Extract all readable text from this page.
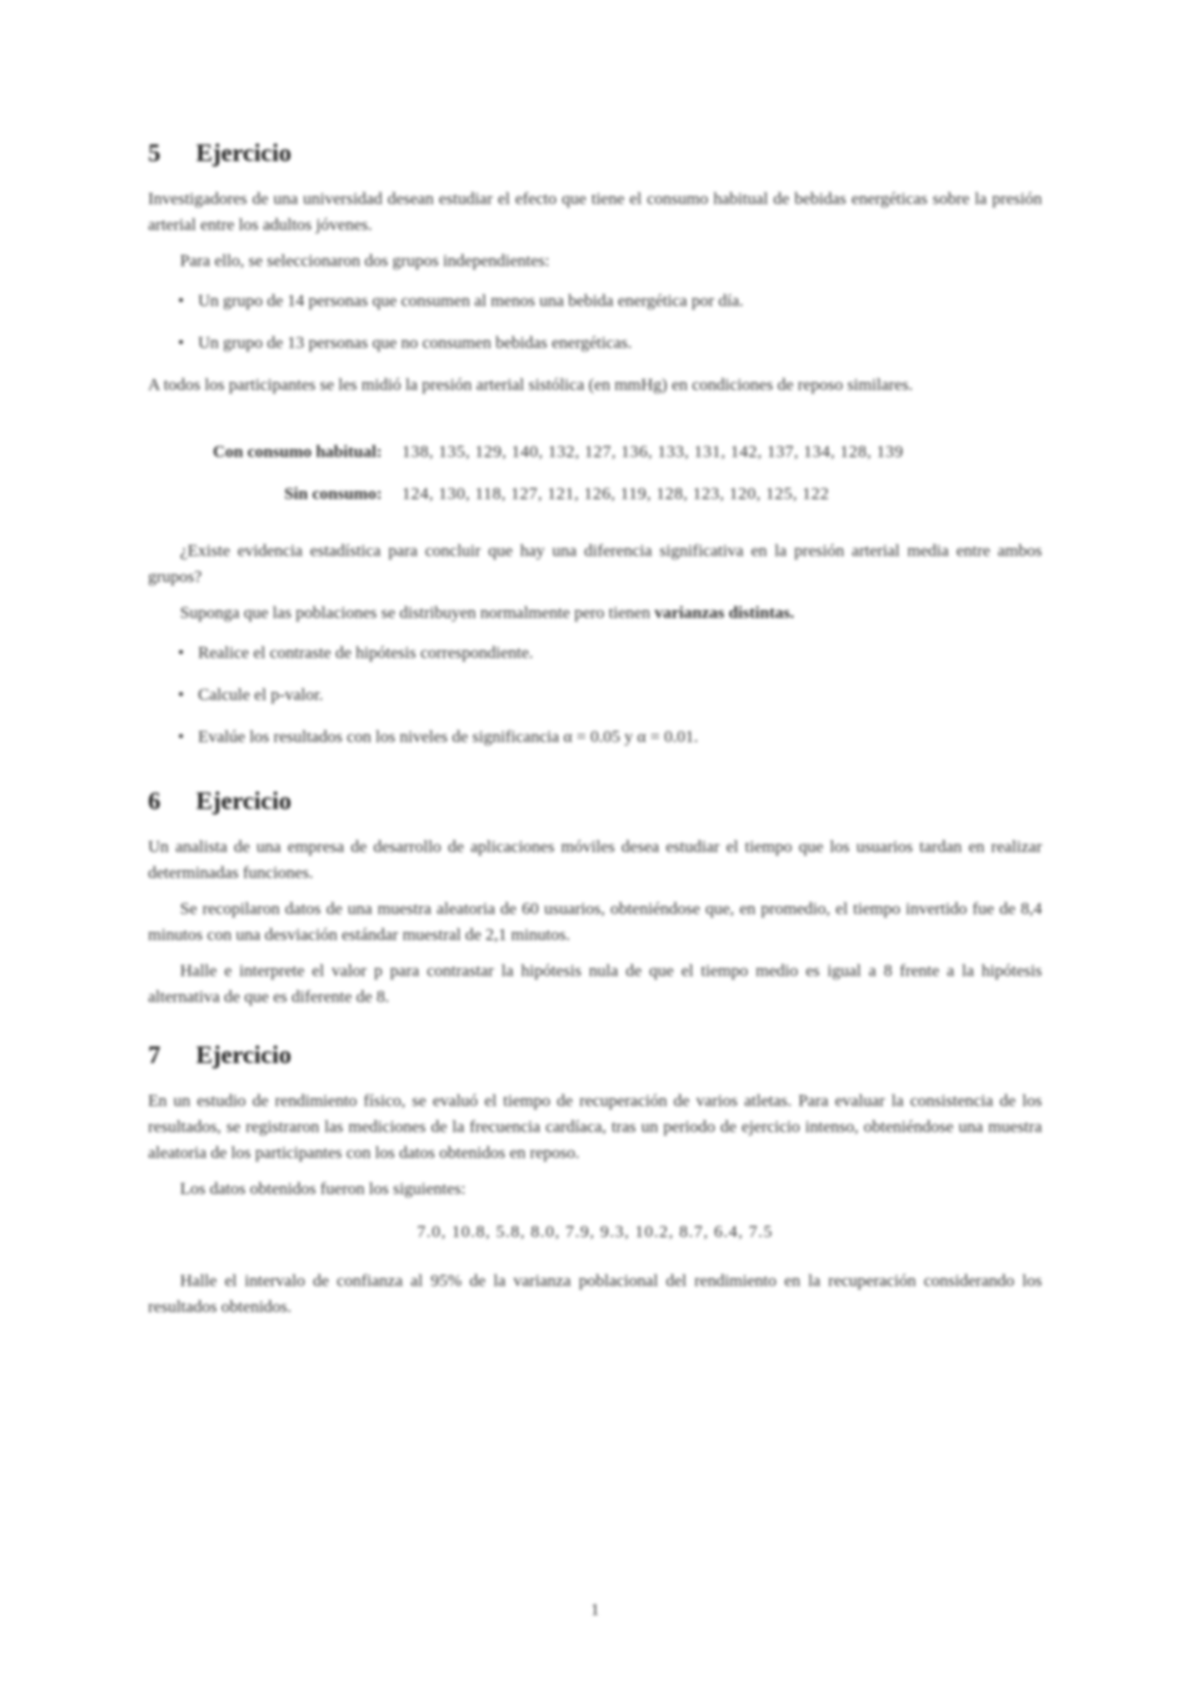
5	Ejercicio

Investigadores de una universidad desean estudiar el efecto que tiene el consumo habitual de bebidas energéticas sobre la presión arterial entre los adultos jóvenes.

Para ello, se seleccionaron dos grupos independientes:

• Un grupo de 14 personas que consumen al menos una bebida energética por día.
• Un grupo de 13 personas que no consumen bebidas energéticas.

A todos los participantes se les midió la presión arterial sistólica (en mmHg) en condiciones de reposo similares.

Con consumo habitual:	138, 135, 129, 140, 132, 127, 136, 133, 131, 142, 137, 134, 128, 139
Sin consumo:	124, 130, 118, 127, 121, 126, 119, 128, 123, 120, 125, 122

¿Existe evidencia estadística para concluir que hay una diferencia significativa en la presión arterial media entre ambos grupos?

Suponga que las poblaciones se distribuyen normalmente pero tienen varianzas distintas.

• Realice el contraste de hipótesis correspondiente.
• Calcule el p-valor.
• Evalúe los resultados con los niveles de significancia α = 0.05 y α = 0.01.
6	Ejercicio

Un analista de una empresa de desarrollo de aplicaciones móviles desea estudiar el tiempo que los usuarios tardan en realizar determinadas funciones.

Se recopilaron datos de una muestra aleatoria de 60 usuarios, obteniéndose que, en promedio, el tiempo invertido fue de 8,4 minutos con una desviación estándar muestral de 2,1 minutos.

Halle e interprete el valor p para contrastar la hipótesis nula de que el tiempo medio es igual a 8 frente a la hipótesis alternativa de que es diferente de 8.

7	Ejercicio

En un estudio de rendimiento físico, se evaluó el tiempo de recuperación de varios atletas. Para evaluar la consistencia de los resultados, se registraron las mediciones de la frecuencia cardíaca, tras un periodo de ejercicio intenso, obteniéndose una muestra aleatoria de los participantes con los datos obtenidos en reposo.

Los datos obtenidos fueron los siguientes:

7.0, 10.8, 5.8, 8.0, 7.9, 9.3, 10.2, 8.7, 6.4, 7.5

Halle el intervalo de confianza al 95% de la varianza poblacional del rendimiento en la recuperación considerando los resultados obtenidos.

1
